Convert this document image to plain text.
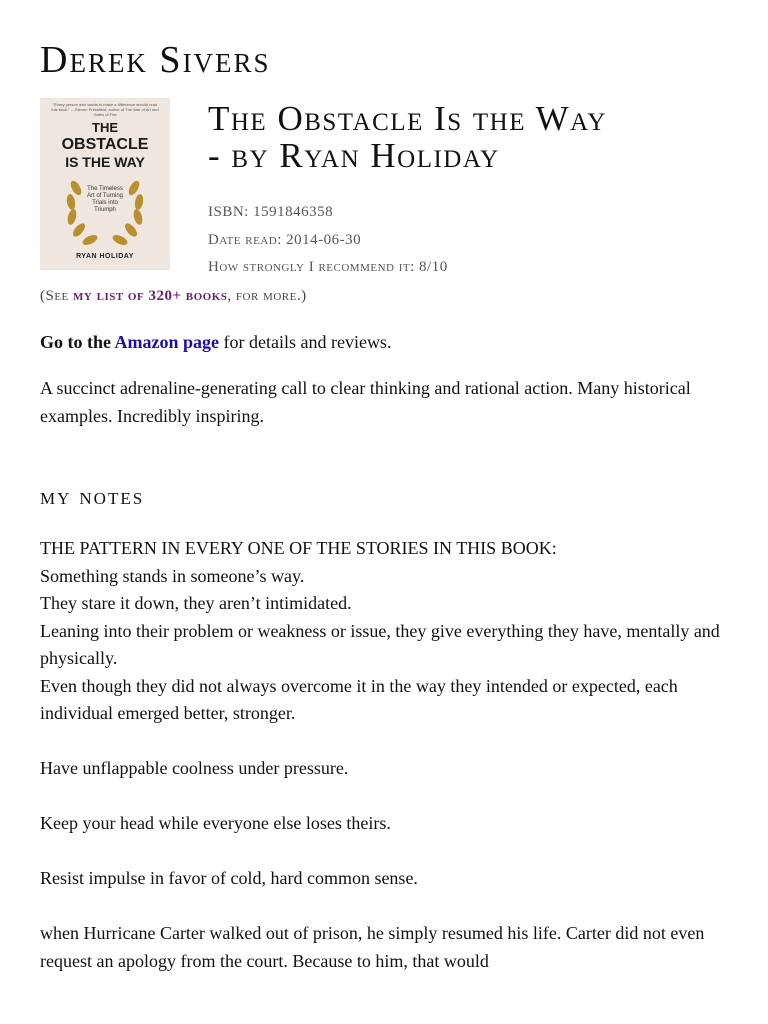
Derek Sivers
"Every person who wants to make a difference should read this book." —Steven Pressfield, author of The War of Art and Gates of Fire
THE
OBSTACLE
IS THE WAY
The Timeless Art of Turning Trials into Triumph
RYAN HOLIDAY
The Obstacle Is the Way
- by Ryan Holiday
ISBN: 1591846358
Date read: 2014-06-30
How strongly I recommend it: 8/10
(See my list of 320+ books, for more.)
Go to the Amazon page for details and reviews.
A succinct adrenaline-generating call to clear thinking and rational action. Many historical examples. Incredibly inspiring.
my notes

THE PATTERN IN EVERY ONE OF THE STORIES IN THIS BOOK:
Something stands in someone’s way.
They stare it down, they aren’t intimidated.
Leaning into their problem or weakness or issue, they give everything they have, mentally and physically.
Even though they did not always overcome it in the way they intended or expected, each individual emerged better, stronger.

Have unflappable coolness under pressure.

Keep your head while everyone else loses theirs.

Resist impulse in favor of cold, hard common sense.

when Hurricane Carter walked out of prison, he simply resumed his life. Carter did not even request an apology from the court. Because to him, that would
